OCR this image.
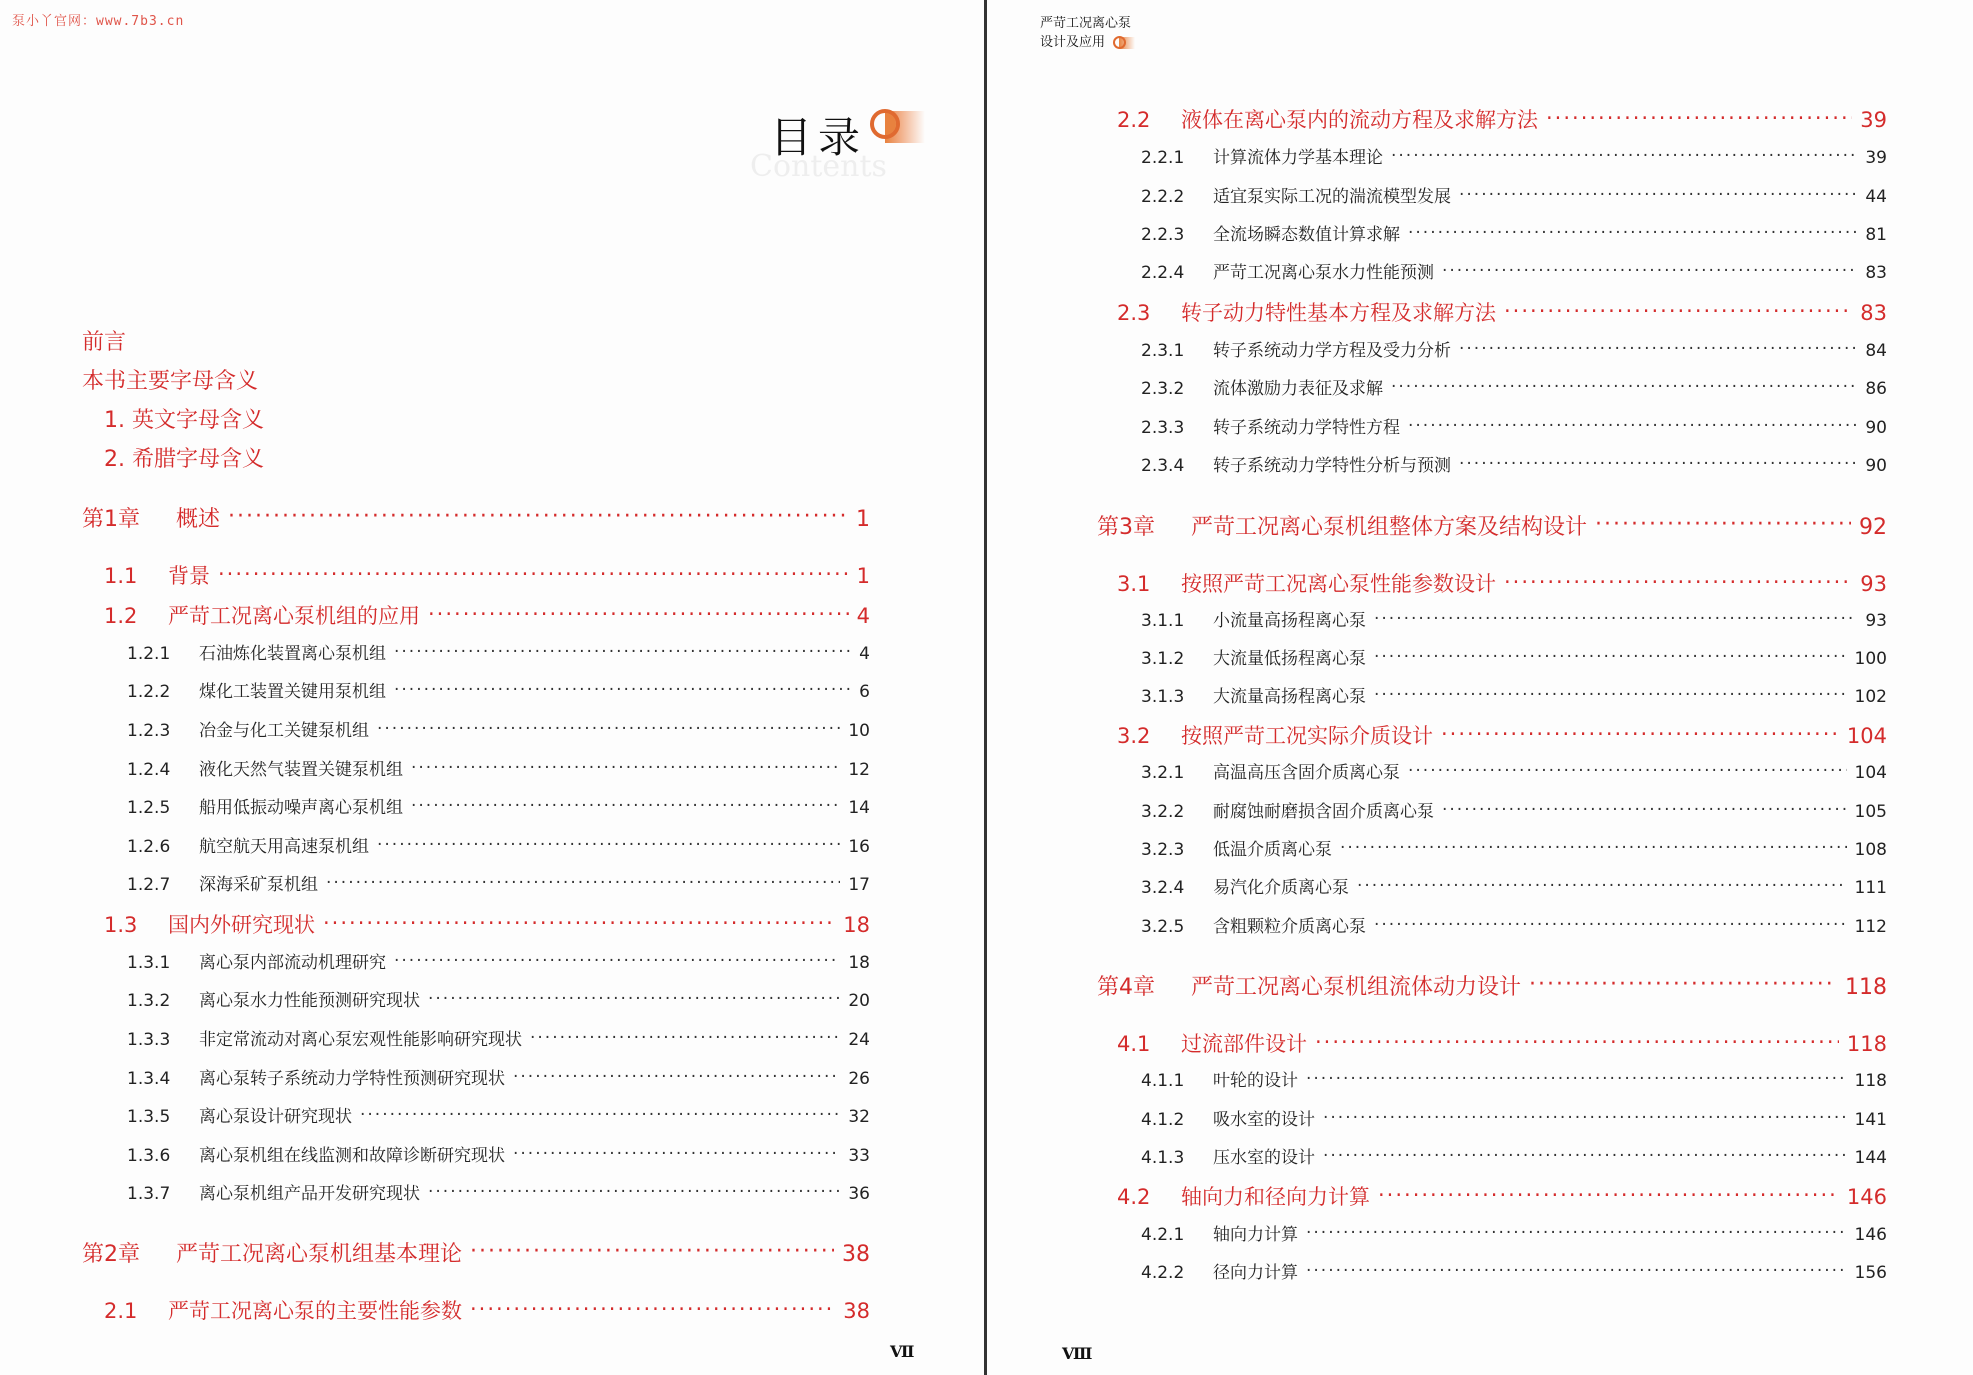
泵小丫官网：www.7b3.cn
目录
Contents
前言
本书主要字母含义
1. 英文字母含义
2. 希腊字母含义
第1章	概述 ·····	1
1.1	背景 ·····	1
1.2	严苛工况离心泵机组的应用 ·····	4
1.2.1	石油炼化装置离心泵机组 ·····	4
1.2.2	煤化工装置关键用泵机组 ·····	6
1.2.3	冶金与化工关键泵机组 ·····	10
1.2.4	液化天然气装置关键泵机组 ·····	12
1.2.5	船用低振动噪声离心泵机组 ·····	14
1.2.6	航空航天用高速泵机组 ·····	16
1.2.7	深海采矿泵机组 ·····	17
1.3	国内外研究现状 ·····	18
1.3.1	离心泵内部流动机理研究 ·····	18
1.3.2	离心泵水力性能预测研究现状 ·····	20
1.3.3	非定常流动对离心泵宏观性能影响研究现状 ·····	24
1.3.4	离心泵转子系统动力学特性预测研究现状 ·····	26
1.3.5	离心泵设计研究现状 ·····	32
1.3.6	离心泵机组在线监测和故障诊断研究现状 ·····	33
1.3.7	离心泵机组产品开发研究现状 ·····	36
第2章	严苛工况离心泵机组基本理论 ·····	38
2.1	严苛工况离心泵的主要性能参数 ·····	38
Ⅶ
严苛工况离心泵
设计及应用
2.2	液体在离心泵内的流动方程及求解方法 ·····	39
2.2.1	计算流体力学基本理论 ·····	39
2.2.2	适宜泵实际工况的湍流模型发展 ·····	44
2.2.3	全流场瞬态数值计算求解 ·····	81
2.2.4	严苛工况离心泵水力性能预测 ·····	83
2.3	转子动力特性基本方程及求解方法 ·····	83
2.3.1	转子系统动力学方程及受力分析 ·····	84
2.3.2	流体激励力表征及求解 ·····	86
2.3.3	转子系统动力学特性方程 ·····	90
2.3.4	转子系统动力学特性分析与预测 ·····	90
第3章	严苛工况离心泵机组整体方案及结构设计 ·····	92
3.1	按照严苛工况离心泵性能参数设计 ·····	93
3.1.1	小流量高扬程离心泵 ·····	93
3.1.2	大流量低扬程离心泵 ·····	100
3.1.3	大流量高扬程离心泵 ·····	102
3.2	按照严苛工况实际介质设计 ·····	104
3.2.1	高温高压含固介质离心泵 ·····	104
3.2.2	耐腐蚀耐磨损含固介质离心泵 ·····	105
3.2.3	低温介质离心泵 ·····	108
3.2.4	易汽化介质离心泵 ·····	111
3.2.5	含粗颗粒介质离心泵 ·····	112
第4章	严苛工况离心泵机组流体动力设计 ·····	118
4.1	过流部件设计 ·····	118
4.1.1	叶轮的设计 ·····	118
4.1.2	吸水室的设计 ·····	141
4.1.3	压水室的设计 ·····	144
4.2	轴向力和径向力计算 ·····	146
4.2.1	轴向力计算 ·····	146
4.2.2	径向力计算 ·····	156
Ⅷ
